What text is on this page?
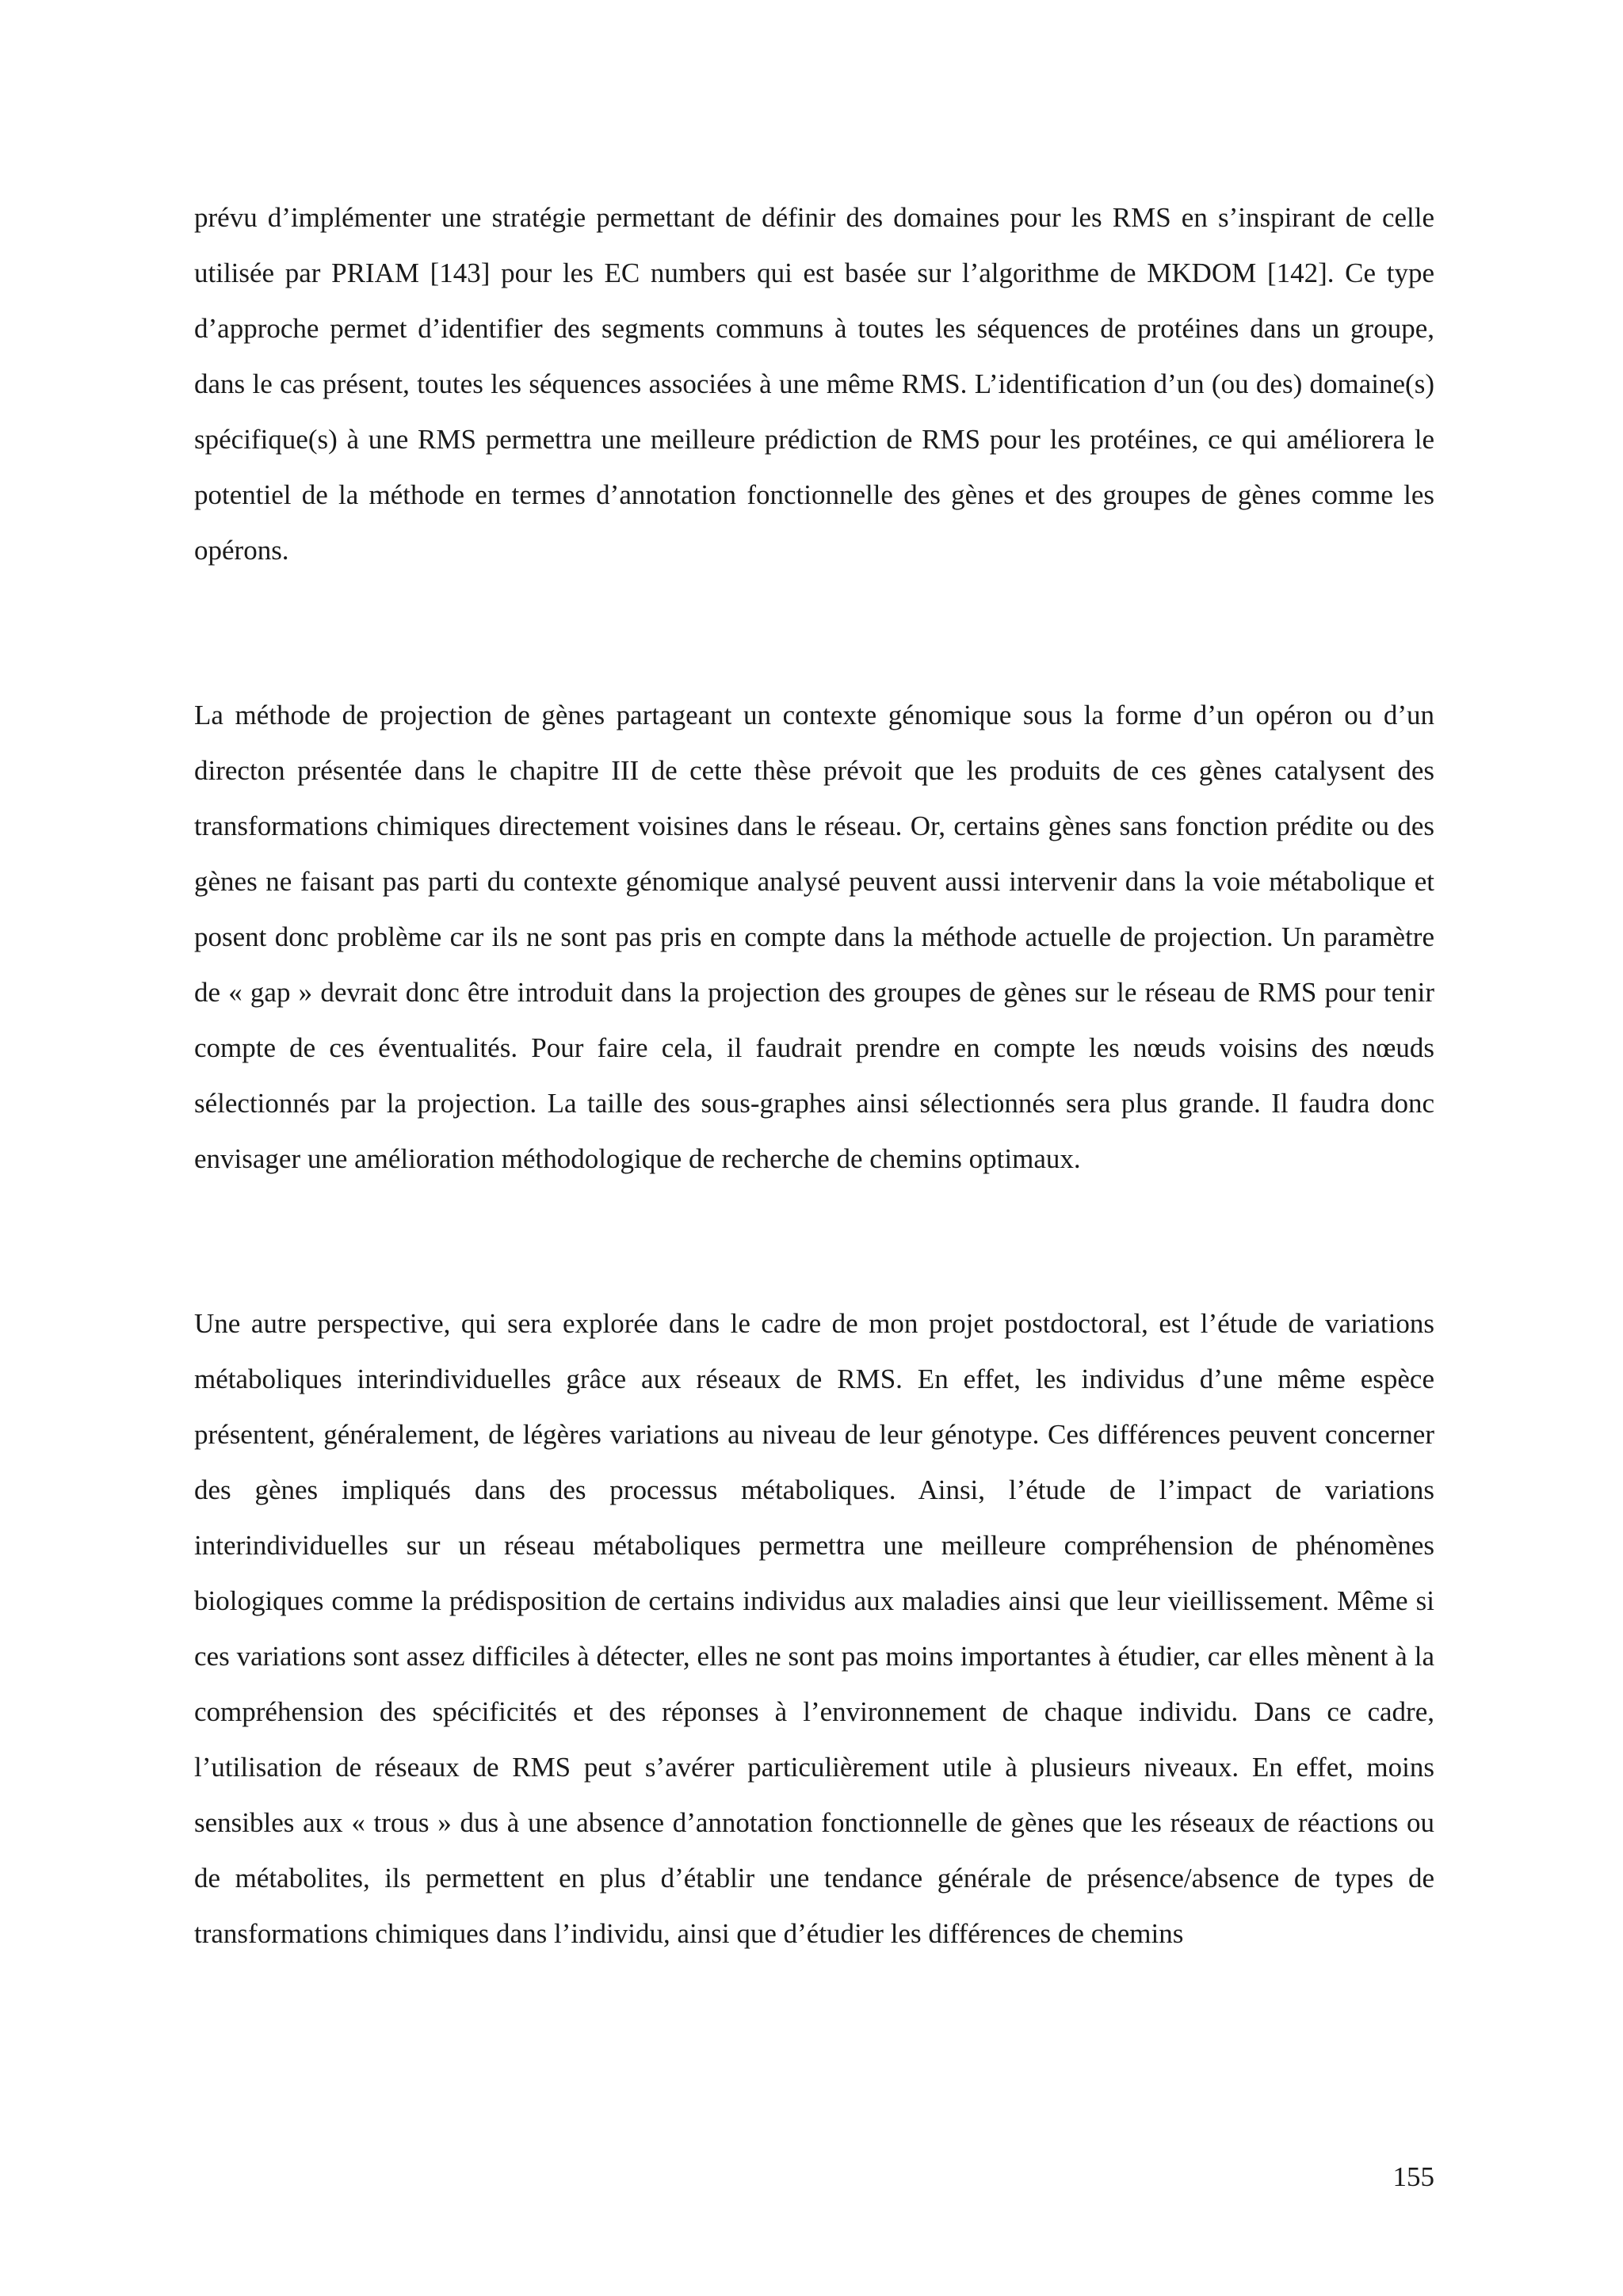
prévu d’implémenter une stratégie permettant de définir des domaines pour les RMS en s’inspirant de celle utilisée par PRIAM [143] pour les EC numbers qui est basée sur l’algorithme de MKDOM [142]. Ce type d’approche permet d’identifier des segments communs à toutes les séquences de protéines dans un groupe, dans le cas présent, toutes les séquences associées à une même RMS. L’identification d’un (ou des) domaine(s) spécifique(s) à une RMS permettra une meilleure prédiction de RMS pour les protéines, ce qui améliorera le potentiel de la méthode en termes d’annotation fonctionnelle des gènes et des groupes de gènes comme les opérons.

La méthode de projection de gènes partageant un contexte génomique sous la forme d’un opéron ou d’un directon présentée dans le chapitre III de cette thèse prévoit que les produits de ces gènes catalysent des transformations chimiques directement voisines dans le réseau. Or, certains gènes sans fonction prédite ou des gènes ne faisant pas parti du contexte génomique analysé peuvent aussi intervenir dans la voie métabolique et posent donc problème car ils ne sont pas pris en compte dans la méthode actuelle de projection. Un paramètre de « gap » devrait donc être introduit dans la projection des groupes de gènes sur le réseau de RMS pour tenir compte de ces éventualités. Pour faire cela, il faudrait prendre en compte les nœuds voisins des nœuds sélectionnés par la projection. La taille des sous-graphes ainsi sélectionnés sera plus grande. Il faudra donc envisager une amélioration méthodologique de recherche de chemins optimaux.

Une autre perspective, qui sera explorée dans le cadre de mon projet postdoctoral, est l’étude de variations métaboliques interindividuelles grâce aux réseaux de RMS. En effet, les individus d’une même espèce présentent, généralement, de légères variations au niveau de leur génotype. Ces différences peuvent concerner des gènes impliqués dans des processus métaboliques. Ainsi, l’étude de l’impact de variations interindividuelles sur un réseau métaboliques permettra une meilleure compréhension de phénomènes biologiques comme la prédisposition de certains individus aux maladies ainsi que leur vieillissement. Même si ces variations sont assez difficiles à détecter, elles ne sont pas moins importantes à étudier, car elles mènent à la compréhension des spécificités et des réponses à l’environnement de chaque individu. Dans ce cadre, l’utilisation de réseaux de RMS peut s’avérer particulièrement utile à plusieurs niveaux. En effet, moins sensibles aux « trous » dus à une absence d’annotation fonctionnelle de gènes que les réseaux de réactions ou de métabolites, ils permettent en plus d’établir une tendance générale de présence/absence de types de transformations chimiques dans l’individu, ainsi que d’étudier les différences de chemins

155
